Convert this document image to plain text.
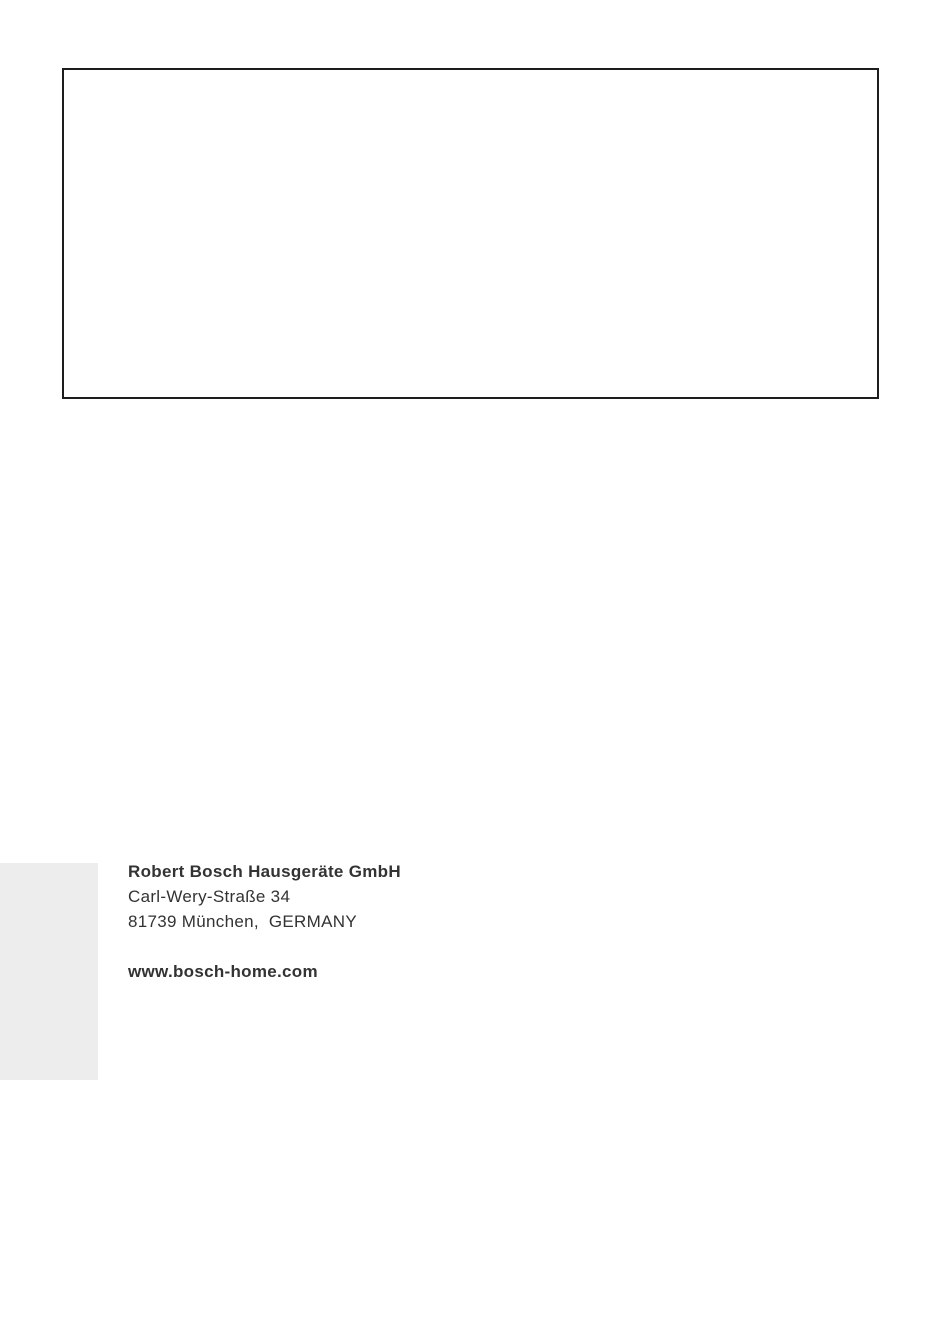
Robert Bosch Hausgeräte GmbH
Carl-Wery-Straße 34
81739 München,  GERMANY
www.bosch-home.com
